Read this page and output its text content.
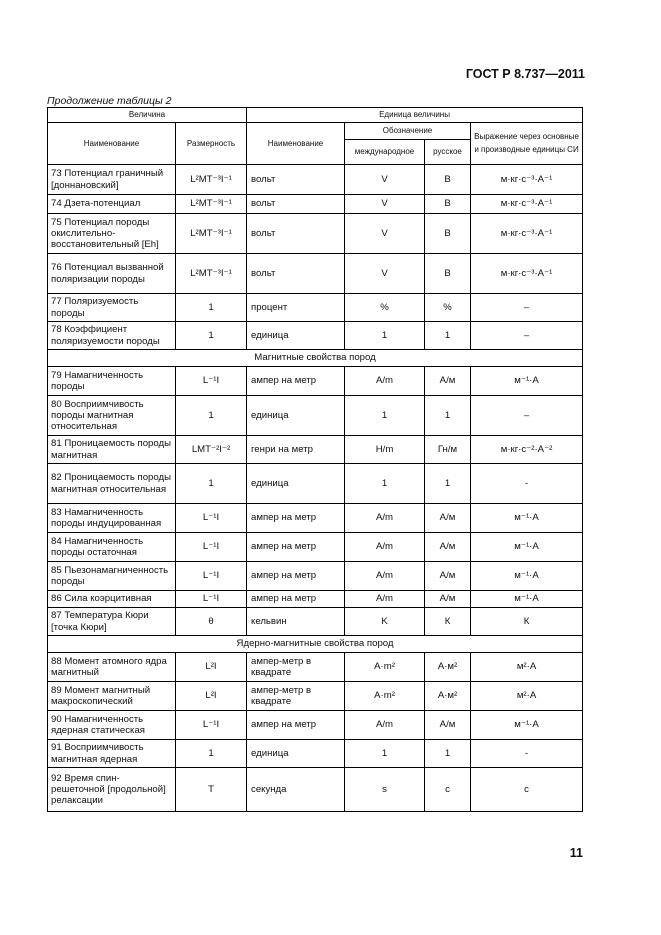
ГОСТ Р 8.737—2011
Продолжение таблицы 2
Величина		Единица величины			
Наименование	Размерность	Наименование	Обозначение		Выражение через основные и производные единицы СИ
			международное	русское	
73 Потенциал граничный [доннановский]	L²MT⁻³I⁻¹	вольт	V	В	м·кг·с⁻³·А⁻¹
74 Дзета-потенциал	L²MT⁻³I⁻¹	вольт	V	В	м·кг·с⁻³·А⁻¹
75 Потенциал породы окислительно-восстановительный [Eh]	L²MT⁻³I⁻¹	вольт	V	В	м·кг·с⁻³·А⁻¹
76 Потенциал вызванной поляризации породы	L²MT⁻³I⁻¹	вольт	V	В	м·кг·с⁻³·А⁻¹
77 Поляризуемость породы	1	процент	%	%	–
78 Коэффициент поляризуемости породы	1	единица	1	1	–
Магнитные свойства пород					
79 Намагниченность породы	L⁻¹I	ампер на метр	A/m	А/м	м⁻¹·А
80 Восприимчивость породы магнитная относительная	1	единица	1	1	–
81 Проницаемость породы магнитная	LMT⁻²I⁻²	генри на метр	H/m	Гн/м	м·кг·с⁻²·А⁻²
82 Проницаемость породы магнитная относительная	1	единица	1	1	-
83 Намагниченность породы индуцированная	L⁻¹I	ампер на метр	A/m	А/м	м⁻¹·А
84 Намагниченность породы остаточная	L⁻¹I	ампер на метр	A/m	А/м	м⁻¹·А
85 Пьезонамагниченность породы	L⁻¹I	ампер на метр	A/m	А/м	м⁻¹·А
86 Сила коэрцитивная	L⁻¹I	ампер на метр	A/m	А/м	м⁻¹·А
87 Температура Кюри [точка Кюри]	θ	кельвин	K	К	К
Ядерно-магнитные свойства пород					
88 Момент атомного ядра магнитный	L²I	ампер-метр в квадрате	A·m²	А·м²	м²·А
89 Момент магнитный макроскопический	L²I	ампер-метр в квадрате	A·m²	А·м²	м²·А
90 Намагниченность ядерная статическая	L⁻¹I	ампер на метр	A/m	А/м	м⁻¹·А
91 Восприимчивость магнитная ядерная	1	единица	1	1	-
92 Время спин-решеточной [продольной] релаксации	T	секунда	s	c	c
11
